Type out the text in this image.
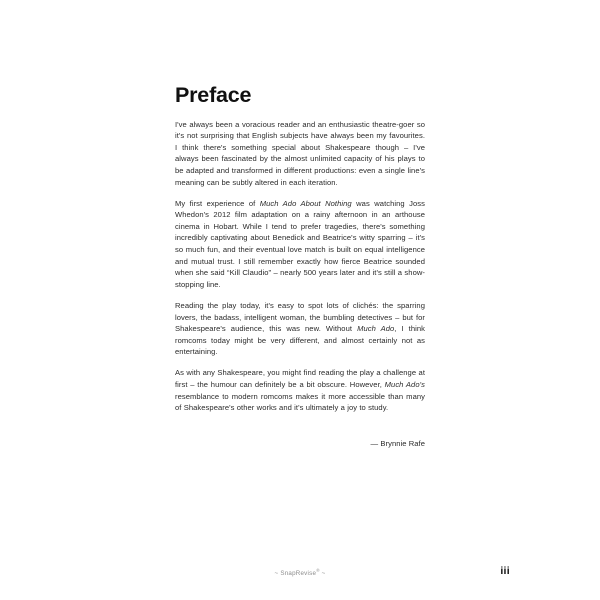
Preface

I've always been a voracious reader and an enthusiastic theatre-goer so it's not surprising that English subjects have always been my favourites. I think there's something special about Shakespeare though – I've always been fascinated by the almost unlimited capacity of his plays to be adapted and transformed in different productions: even a single line's meaning can be subtly altered in each iteration.

My first experience of Much Ado About Nothing was watching Joss Whedon's 2012 film adaptation on a rainy afternoon in an arthouse cinema in Hobart. While I tend to prefer tragedies, there's something incredibly captivating about Benedick and Beatrice's witty sparring – it's so much fun, and their eventual love match is built on equal intelligence and mutual trust. I still remember exactly how fierce Beatrice sounded when she said “Kill Claudio” – nearly 500 years later and it's still a show-stopping line.

Reading the play today, it's easy to spot lots of clichés: the sparring lovers, the badass, intelligent woman, the bumbling detectives – but for Shakespeare's audience, this was new. Without Much Ado, I think romcoms today might be very different, and almost certainly not as entertaining.

As with any Shakespeare, you might find reading the play a challenge at first – the humour can definitely be a bit obscure. However, Much Ado's resemblance to modern romcoms makes it more accessible than many of Shakespeare's other works and it's ultimately a joy to study.

— Brynnie Rafe
~ SnapRevise® ~	iii
